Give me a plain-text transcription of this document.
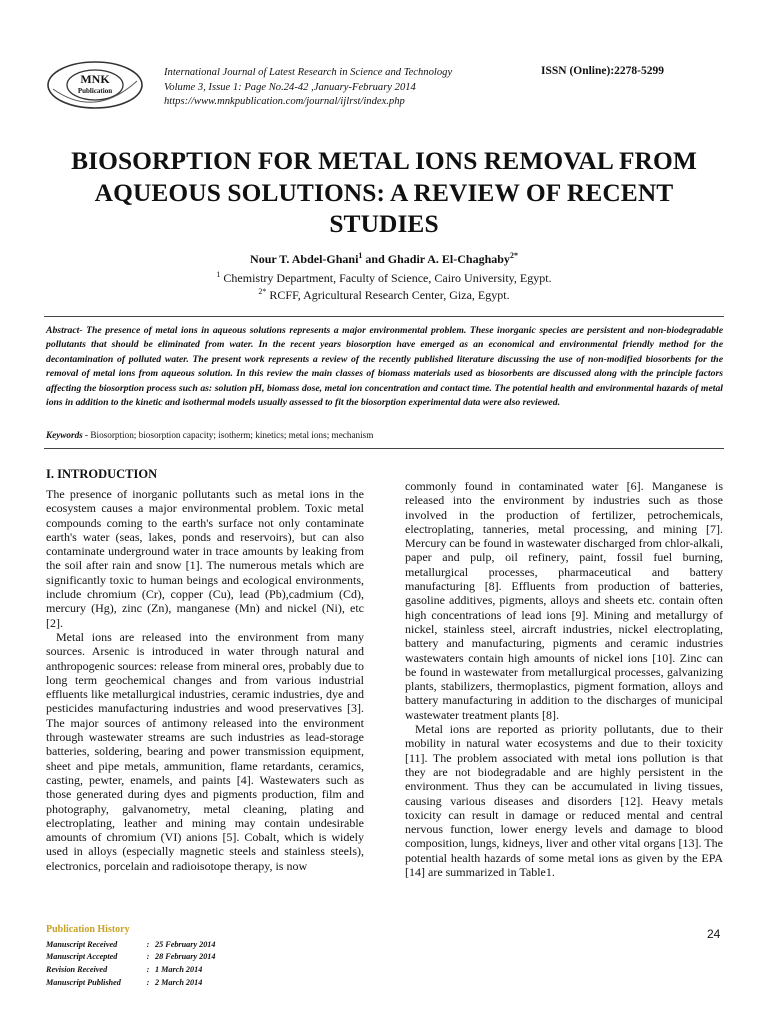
MNK
Publication
International Journal of Latest Research in Science and Technology
Volume 3, Issue 1: Page No.24-42 ,January-February 2014
https://www.mnkpublication.com/journal/ijlrst/index.php
ISSN (Online):2278-5299
BIOSORPTION FOR METAL IONS REMOVAL FROM AQUEOUS SOLUTIONS: A REVIEW OF RECENT STUDIES
Nour T. Abdel-Ghani$^1$ and Ghadir A. El-Chaghaby$^{2*}$
$^1$ Chemistry Department, Faculty of Science, Cairo University, Egypt.
$^{2*}$ RCFF, Agricultural Research Center, Giza, Egypt.
Abstract- The presence of metal ions in aqueous solutions represents a major environmental problem. These inorganic species are persistent and non-biodegradable pollutants that should be eliminated from water. In the recent years biosorption have emerged as an economical and environmental friendly method for the decontamination of polluted water. The present work represents a review of the recently published literature discussing the use of non-modified biosorbents for the removal of metal ions from aqueous solution. In this review the main classes of biomass materials used as biosorbents are discussed along with the principle factors affecting the biosorption process such as: solution pH, biomass dose, metal ion concentration and contact time. The potential health and environmental hazards of metal ions in addition to the kinetic and isothermal models usually assessed to fit the biosorption experimental data were also reviewed.
Keywords - Biosorption; biosorption capacity; isotherm; kinetics; metal ions; mechanism
I. INTRODUCTION

The presence of inorganic pollutants such as metal ions in the ecosystem causes a major environmental problem. Toxic metal compounds coming to the earth's surface not only contaminate earth's water (seas, lakes, ponds and reservoirs), but can also contaminate underground water in trace amounts by leaking from the soil after rain and snow [1]. The numerous metals which are significantly toxic to human beings and ecological environments, include chromium (Cr), copper (Cu), lead (Pb),cadmium (Cd), mercury (Hg), zinc (Zn), manganese (Mn) and nickel (Ni), etc [2].

Metal ions are released into the environment from many sources. Arsenic is introduced in water through natural and anthropogenic sources: release from mineral ores, probably due to long term geochemical changes and from various industrial effluents like metallurgical industries, ceramic industries, dye and pesticides manufacturing industries and wood preservatives [3]. The major sources of antimony released into the environment through wastewater streams are such industries as lead-storage batteries, soldering, bearing and power transmission equipment, sheet and pipe metals, ammunition, flame retardants, ceramics, casting, pewter, enamels, and paints [4]. Wastewaters such as those generated during dyes and pigments production, film and photography, galvanometry, metal cleaning, plating and electroplating, leather and mining may contain undesirable amounts of chromium (VI) anions [5]. Cobalt, which is widely used in alloys (especially magnetic steels and stainless steels), electronics, porcelain and radioisotope therapy, is now

commonly found in contaminated water [6]. Manganese is released into the environment by industries such as those involved in the production of fertilizer, petrochemicals, electroplating, tanneries, metal processing, and mining [7]. Mercury can be found in wastewater discharged from chlor-alkali, paper and pulp, oil refinery, paint, fossil fuel burning, metallurgical processes, pharmaceutical and battery manufacturing [8]. Effluents from production of batteries, gasoline additives, pigments, alloys and sheets etc. contain often high concentrations of lead ions [9]. Mining and metallurgy of nickel, stainless steel, aircraft industries, nickel electroplating, battery and manufacturing, pigments and ceramic industries wastewaters contain high amounts of nickel ions [10]. Zinc can be found in wastewater from metallurgical processes, galvanizing plants, stabilizers, thermoplastics, pigment formation, alloys and battery manufacturing in addition to the discharges of municipal wastewater treatment plants [8].

Metal ions are reported as priority pollutants, due to their mobility in natural water ecosystems and due to their toxicity [11]. The problem associated with metal ions pollution is that they are not biodegradable and are highly persistent in the environment. Thus they can be accumulated in living tissues, causing various diseases and disorders [12]. Heavy metals toxicity can result in damage or reduced mental and central nervous function, lower energy levels and damage to blood composition, lungs, kidneys, liver and other vital organs [13]. The potential health hazards of some metal ions as given by the EPA [14] are summarized in Table1.

Publication History
Manuscript Received	:	25 February 2014
Manuscript Accepted	:	28 February 2014
Revision Received	:	1 March 2014
Manuscript Published	:	2 March 2014
24
